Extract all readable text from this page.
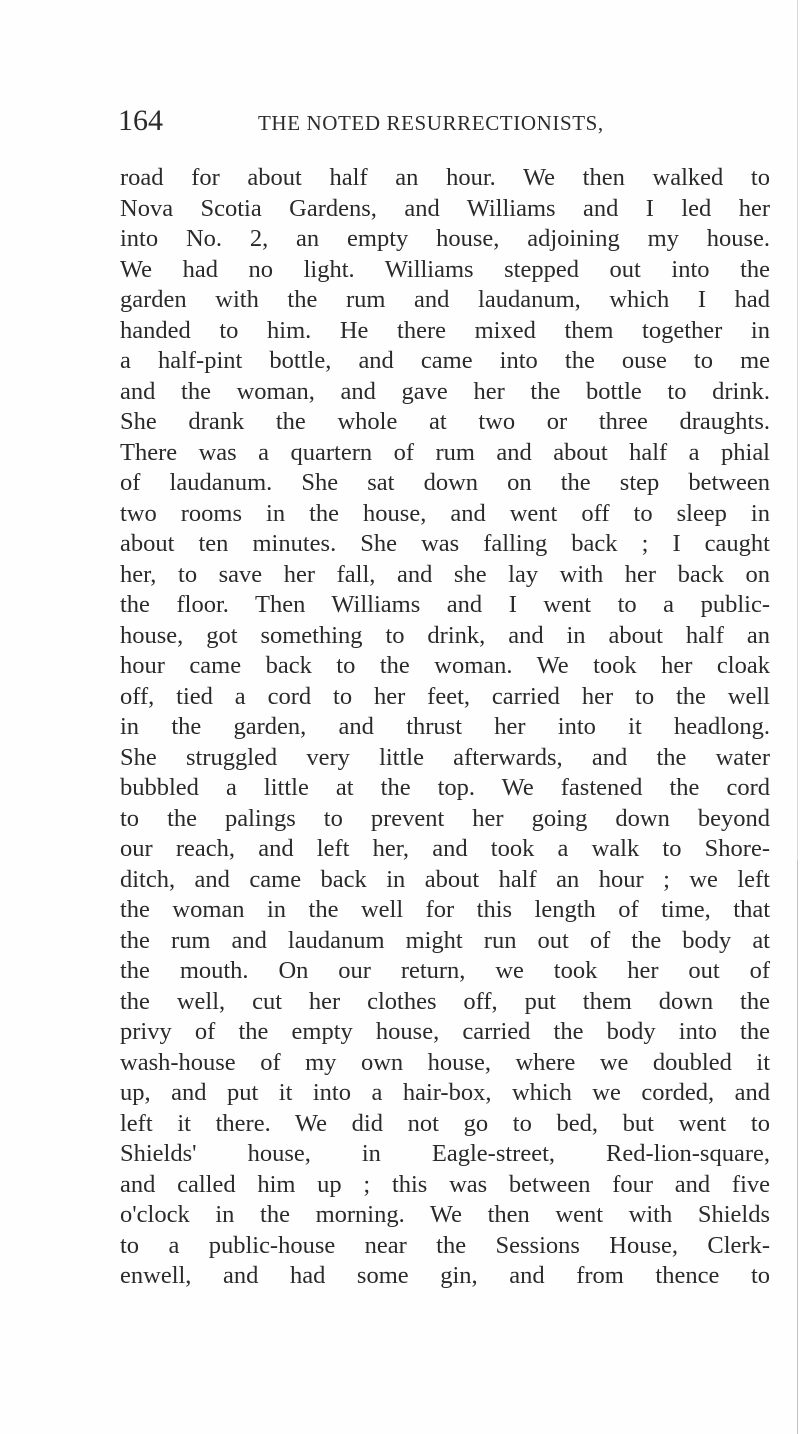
164	THE NOTED RESURRECTIONISTS,
road for about half an hour. We then walked to
Nova Scotia Gardens, and Williams and I led her
into No. 2, an empty house, adjoining my house.
We had no light. Williams stepped out into the
garden with the rum and laudanum, which I had
handed to him. He there mixed them together in
a half-pint bottle, and came into the ouse to me
and the woman, and gave her the bottle to drink.
She drank the whole at two or three draughts.
There was a quartern of rum and about half a phial
of laudanum. She sat down on the step between
two rooms in the house, and went off to sleep in
about ten minutes. She was falling back ; I caught
her, to save her fall, and she lay with her back on
the floor. Then Williams and I went to a public-
house, got something to drink, and in about half an
hour came back to the woman. We took her cloak
off, tied a cord to her feet, carried her to the well
in the garden, and thrust her into it headlong.
She struggled very little afterwards, and the water
bubbled a little at the top. We fastened the cord
to the palings to prevent her going down beyond
our reach, and left her, and took a walk to Shore-
ditch, and came back in about half an hour ; we left
the woman in the well for this length of time, that
the rum and laudanum might run out of the body at
the mouth. On our return, we took her out of
the well, cut her clothes off, put them down the
privy of the empty house, carried the body into the
wash-house of my own house, where we doubled it
up, and put it into a hair-box, which we corded, and
left it there. We did not go to bed, but went to
Shields' house, in Eagle-street, Red-lion-square,
and called him up ; this was between four and five
o'clock in the morning. We then went with Shields
to a public-house near the Sessions House, Clerk-
enwell, and had some gin, and from thence to
